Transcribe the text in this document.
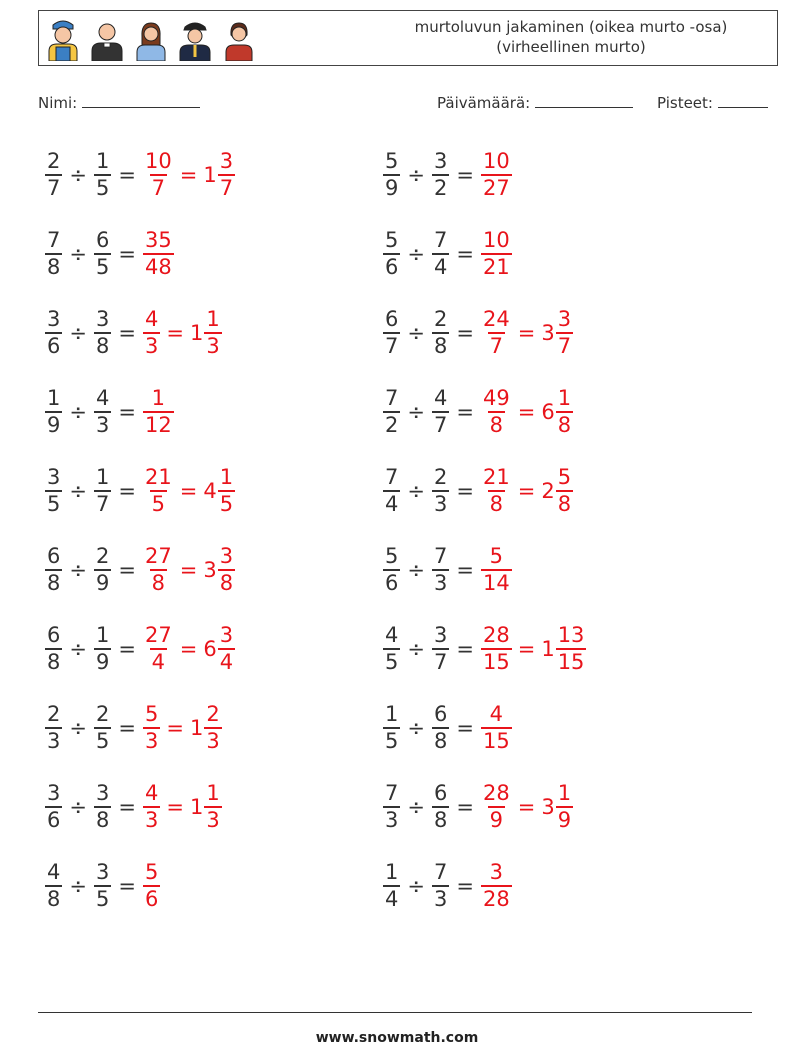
murtoluvun jakaminen (oikea murto -osa)
(virheellinen murto)
Nimi:	Päivämäärä:	Pisteet:
$\frac{2}{7} \div \frac{1}{5} = \frac{10}{7} = 1 \frac{3}{7}$
$\frac{7}{8} \div \frac{6}{5} = \frac{35}{48}$
$\frac{3}{6} \div \frac{3}{8} = \frac{4}{3} = 1 \frac{1}{3}$
$\frac{1}{9} \div \frac{4}{3} = \frac{1}{12}$
$\frac{3}{5} \div \frac{1}{7} = \frac{21}{5} = 4 \frac{1}{5}$
$\frac{6}{8} \div \frac{2}{9} = \frac{27}{8} = 3 \frac{3}{8}$
$\frac{6}{8} \div \frac{1}{9} = \frac{27}{4} = 6 \frac{3}{4}$
$\frac{2}{3} \div \frac{2}{5} = \frac{5}{3} = 1 \frac{2}{3}$
$\frac{3}{6} \div \frac{3}{8} = \frac{4}{3} = 1 \frac{1}{3}$
$\frac{4}{8} \div \frac{3}{5} = \frac{5}{6}$
$\frac{5}{9} \div \frac{3}{2} = \frac{10}{27}$
$\frac{5}{6} \div \frac{7}{4} = \frac{10}{21}$
$\frac{6}{7} \div \frac{2}{8} = \frac{24}{7} = 3 \frac{3}{7}$
$\frac{7}{2} \div \frac{4}{7} = \frac{49}{8} = 6 \frac{1}{8}$
$\frac{7}{4} \div \frac{2}{3} = \frac{21}{8} = 2 \frac{5}{8}$
$\frac{5}{6} \div \frac{7}{3} = \frac{5}{14}$
$\frac{4}{5} \div \frac{3}{7} = \frac{28}{15} = 1 \frac{13}{15}$
$\frac{1}{5} \div \frac{6}{8} = \frac{4}{15}$
$\frac{7}{3} \div \frac{6}{8} = \frac{28}{9} = 3 \frac{1}{9}$
$\frac{1}{4} \div \frac{7}{3} = \frac{3}{28}$
www.snowmath.com
